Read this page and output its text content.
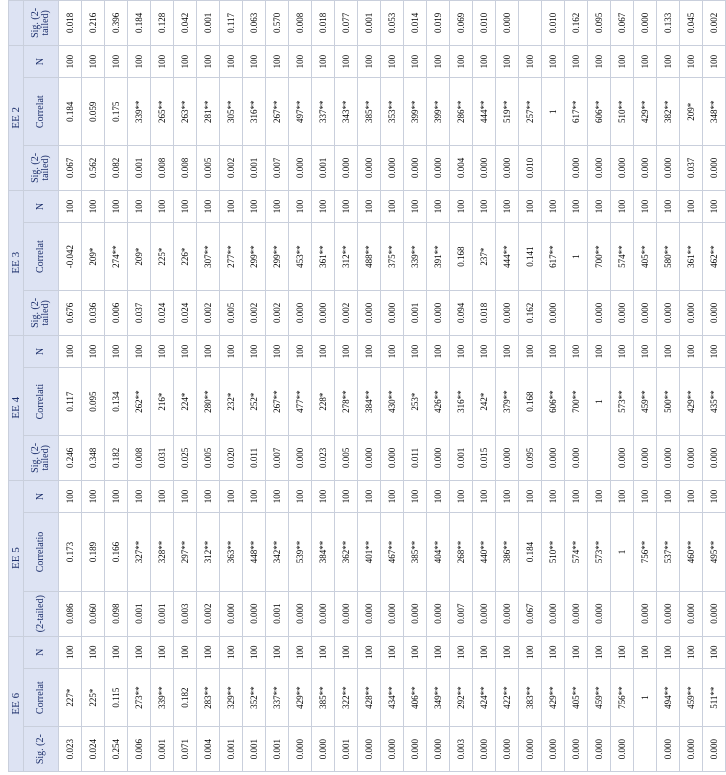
EE 6			EE 5			EE 4			EE 3			EE 2			
Sig. (2-	Correlat	N	(2-tailed)	Correlatio	N	Sig. (2-tailed)	Correlati	N	Sig. (2-tailed)	Correlat	N	Sig. (2-tailed)	Correlat	N	Sig. (2-tailed)
0.023	227*	100	0.086	0.173	100	0.246	0.117	100	0.676	-0.042	100	0.067	0.184	100	0.018
0.024	225*	100	0.060	0.189	100	0.348	0.095	100	0.036	209*	100	0.562	0.059	100	0.216
0.254	0.115	100	0.098	0.166	100	0.182	0.134	100	0.006	274**	100	0.082	0.175	100	0.396
0.006	273**	100	0.001	327**	100	0.008	262**	100	0.037	209*	100	0.001	339**	100	0.184
0.001	339**	100	0.001	328**	100	0.031	216*	100	0.024	225*	100	0.008	265**	100	0.128
0.071	0.182	100	0.003	297**	100	0.025	224*	100	0.024	226*	100	0.008	263**	100	0.042
0.004	283**	100	0.002	312**	100	0.005	280**	100	0.002	307**	100	0.005	281**	100	0.001
0.001	329**	100	0.000	363**	100	0.020	232*	100	0.005	277**	100	0.002	305**	100	0.117
0.001	352**	100	0.000	448**	100	0.011	252*	100	0.002	299**	100	0.001	316**	100	0.063
0.001	337**	100	0.001	342**	100	0.007	267**	100	0.002	299**	100	0.007	267**	100	0.570
0.000	429**	100	0.000	539**	100	0.000	477**	100	0.000	453**	100	0.000	497**	100	0.008
0.000	385**	100	0.000	384**	100	0.023	228*	100	0.000	361**	100	0.001	337**	100	0.018
0.001	322**	100	0.000	362**	100	0.005	278**	100	0.002	312**	100	0.000	343**	100	0.077
0.000	428**	100	0.000	401**	100	0.000	384**	100	0.000	488**	100	0.000	385**	100	0.001
0.000	434**	100	0.000	467**	100	0.000	430**	100	0.000	375**	100	0.000	353**	100	0.053
0.000	406**	100	0.000	385**	100	0.011	253*	100	0.001	339**	100	0.000	399**	100	0.014
0.000	349**	100	0.000	404**	100	0.000	426**	100	0.000	391**	100	0.000	399**	100	0.019
0.003	292**	100	0.007	268**	100	0.001	316**	100	0.094	0.168	100	0.004	286**	100	0.069
0.000	424**	100	0.000	440**	100	0.015	242*	100	0.018	237*	100	0.000	444**	100	0.010
0.000	422**	100	0.000	386**	100	0.000	379**	100	0.000	444**	100	0.000	519**	100	0.000
0.000	383**	100	0.067	0.184	100	0.095	0.168	100	0.162	0.141	100	0.010	257**	100	
0.000	429**	100	0.000	510**	100	0.000	606**	100	0.000	617**	100		1	100	0.010
0.000	405**	100	0.000	574**	100	0.000	700**	100		1	100	0.000	617**	100	0.162
0.000	459**	100	0.000	573**	100		1	100	0.000	700**	100	0.000	606**	100	0.095
0.000	756**	100		1	100	0.000	573**	100	0.000	574**	100	0.000	510**	100	0.067
	1	100	0.000	756**	100	0.000	459**	100	0.000	405**	100	0.000	429**	100	0.000
0.000	494**	100	0.000	537**	100	0.000	500**	100	0.000	580**	100	0.000	382**	100	0.133
0.000	459**	100	0.000	460**	100	0.000	429**	100	0.000	361**	100	0.037	209*	100	0.045
0.000	511**	100	0.000	495**	100	0.000	435**	100	0.000	462**	100	0.000	348**	100	0.002
